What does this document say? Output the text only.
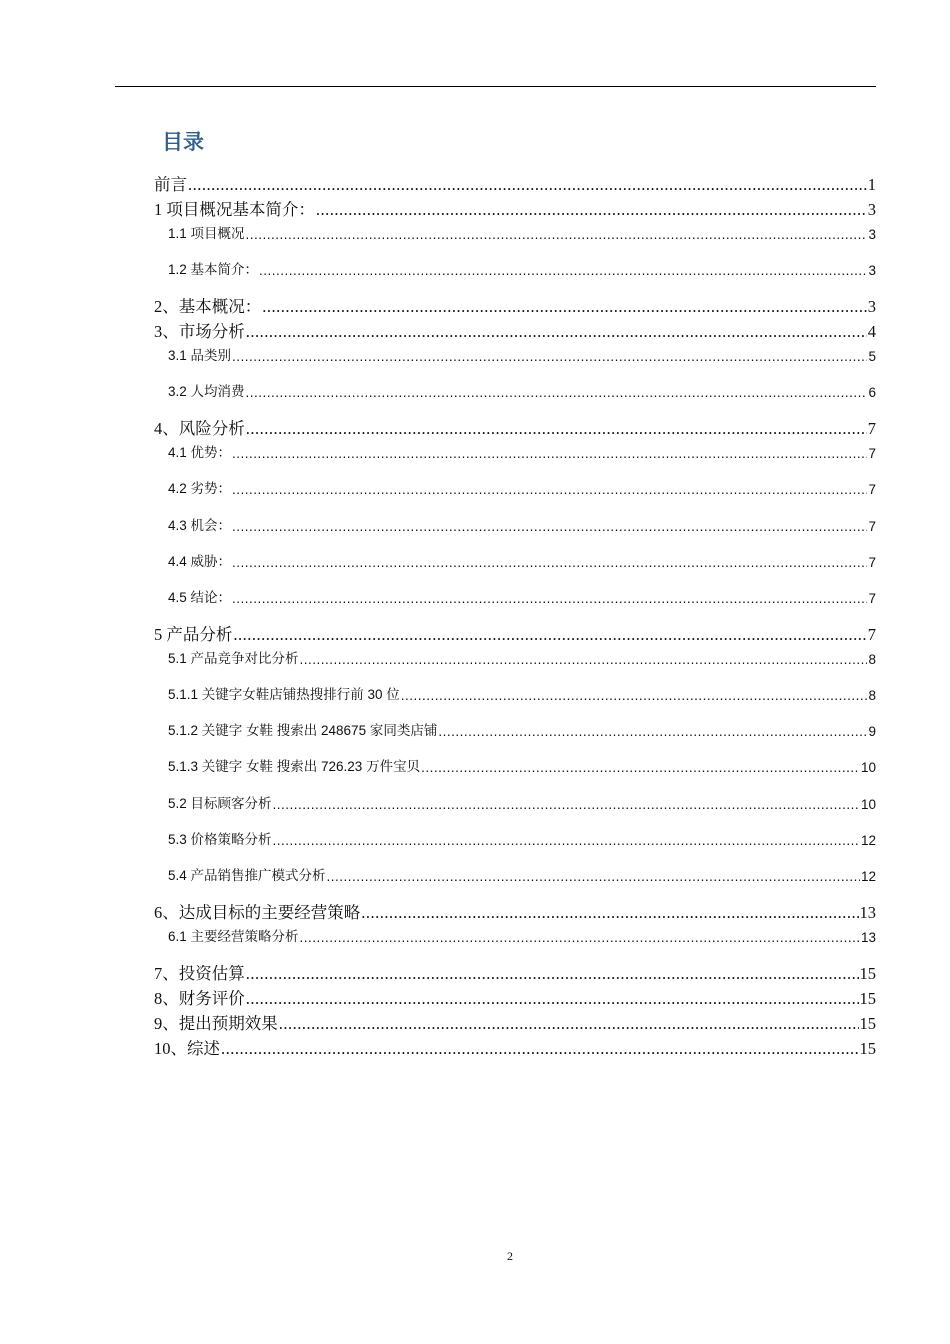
目录
前言 .....	1
1 项目概况基本简介： .....	3
1.1 项目概况 .....	3
1.2 基本简介： .....	3
2、基本概况： .....	3
3、市场分析 .....	4
3.1 品类别 .....	5
3.2 人均消费 .....	6
4、风险分析 .....	7
4.1 优势： .....	7
4.2 劣势： .....	7
4.3 机会： .....	7
4.4 威胁： .....	7
4.5 结论： .....	7
5 产品分析 .....	7
5.1 产品竞争对比分析 .....	8
5.1.1 关键字女鞋店铺热搜排行前 30 位 .....	8
5.1.2 关键字 女鞋 搜索出 248675 家同类店铺 .....	9
5.1.3 关键字 女鞋 搜索出 726.23 万件宝贝 .....	10
5.2 目标顾客分析 .....	10
5.3 价格策略分析 .....	12
5.4 产品销售推广模式分析 .....	12
6、达成目标的主要经营策略 .....	13
6.1 主要经营策略分析 .....	13
7、投资估算 .....	15
8、财务评价 .....	15
9、提出预期效果 .....	15
10、综述 .....	15
2
